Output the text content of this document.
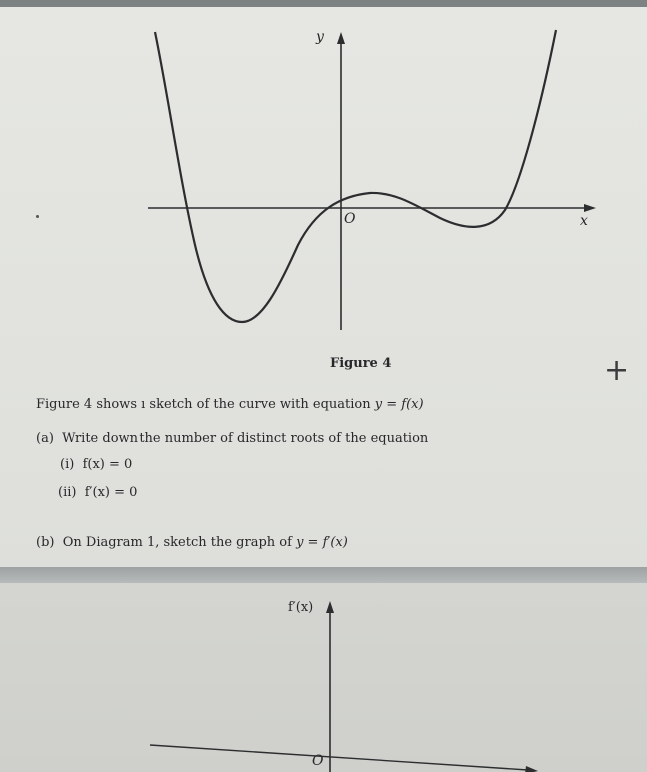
y
x
O
Figure 4	+
Figure 4 shows ı sketch of the curve with equation y = f(x)
(a) Write down the number of distinct roots of the equation
(i) f(x) = 0
(ii) f′(x) = 0
(b) On Diagram 1, sketch the graph of y = f′(x)
f′(x)
O
